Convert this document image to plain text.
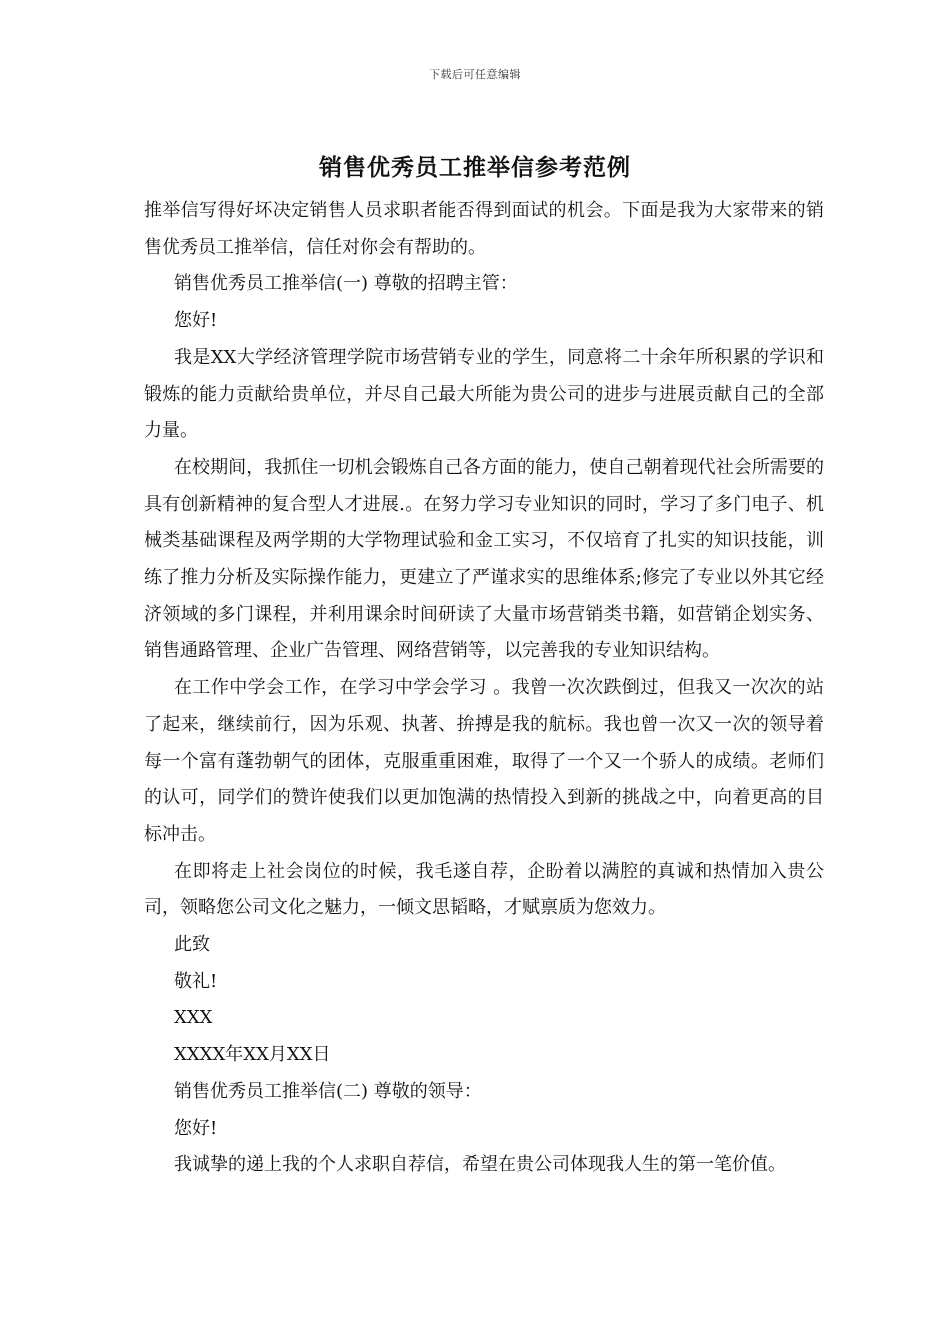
下载后可任意编辑
销售优秀员工推举信参考范例

推举信写得好坏决定销售人员求职者能否得到面试的机会。下面是我为大家带来的销售优秀员工推举信，信任对你会有帮助的。

销售优秀员工推举信(一) 尊敬的招聘主管：

您好!

我是XX大学经济管理学院市场营销专业的学生，同意将二十余年所积累的学识和锻炼的能力贡献给贵单位，并尽自己最大所能为贵公司的进步与进展贡献自己的全部力量。

在校期间，我抓住一切机会锻炼自己各方面的能力，使自己朝着现代社会所需要的具有创新精神的复合型人才进展.。在努力学习专业知识的同时，学习了多门电子、机械类基础课程及两学期的大学物理试验和金工实习，不仅培育了扎实的知识技能，训练了推力分析及实际操作能力，更建立了严谨求实的思维体系;修完了专业以外其它经济领域的多门课程，并利用课余时间研读了大量市场营销类书籍，如营销企划实务、销售通路管理、企业广告管理、网络营销等，以完善我的专业知识结构。

在工作中学会工作，在学习中学会学习 。我曾一次次跌倒过，但我又一次次的站了起来，继续前行，因为乐观、执著、拚搏是我的航标。我也曾一次又一次的领导着每一个富有蓬勃朝气的团体，克服重重困难，取得了一个又一个骄人的成绩。老师们的认可，同学们的赞许使我们以更加饱满的热情投入到新的挑战之中，向着更高的目标冲击。

在即将走上社会岗位的时候，我毛遂自荐，企盼着以满腔的真诚和热情加入贵公司，领略您公司文化之魅力，一倾文思韬略，才赋禀质为您效力。

此致

敬礼!

XXX

XXXX年XX月XX日

销售优秀员工推举信(二) 尊敬的领导：

您好!

我诚挚的递上我的个人求职自荐信，希望在贵公司体现我人生的第一笔价值。
